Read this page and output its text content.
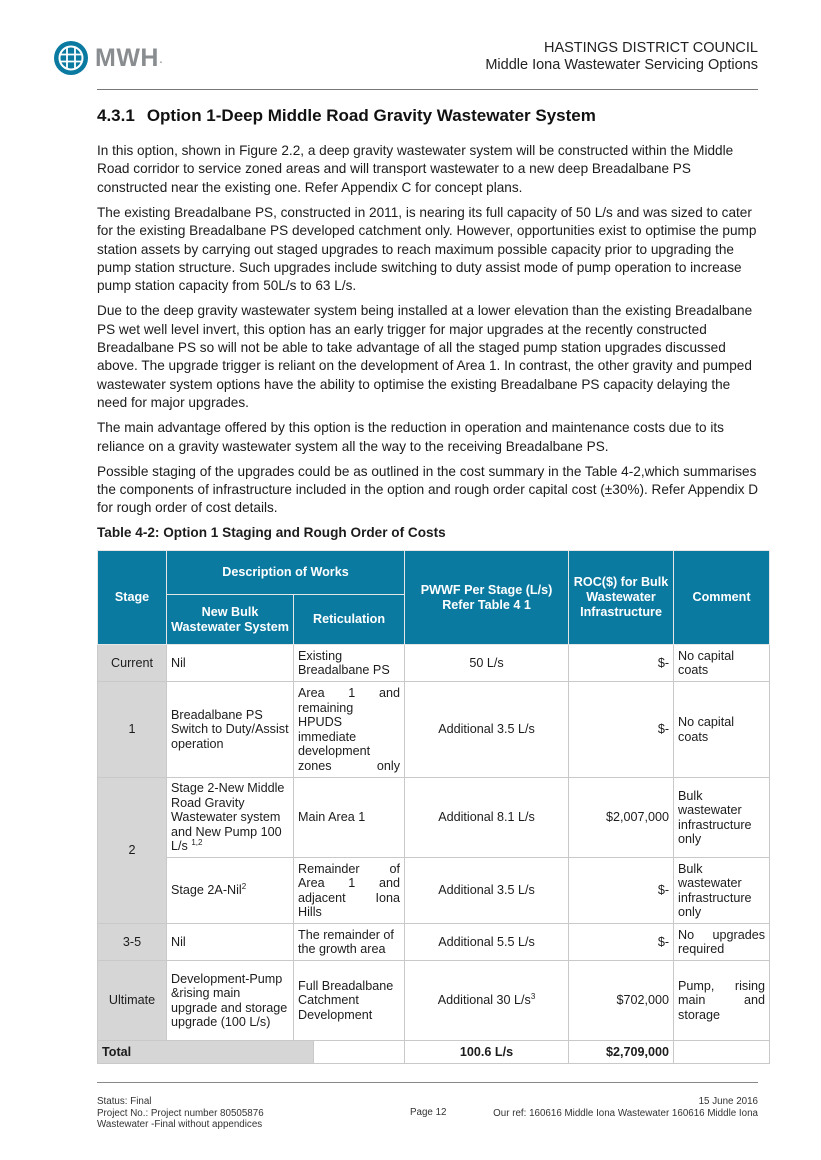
MWH .
HASTINGS DISTRICT COUNCIL
Middle Iona Wastewater Servicing Options
4.3.1 Option 1-Deep Middle Road Gravity Wastewater System

In this option, shown in Figure 2.2, a deep gravity wastewater system will be constructed within the Middle Road corridor to service zoned areas and will transport wastewater to a new deep Breadalbane PS constructed near the existing one. Refer Appendix C for concept plans.

The existing Breadalbane PS, constructed in 2011, is nearing its full capacity of 50 L/s and was sized to cater for the existing Breadalbane PS developed catchment only. However, opportunities exist to optimise the pump station assets by carrying out staged upgrades to reach maximum possible capacity prior to upgrading the pump station structure. Such upgrades include switching to duty assist mode of pump operation to increase pump station capacity from 50L/s to 63 L/s.

Due to the deep gravity wastewater system being installed at a lower elevation than the existing Breadalbane PS wet well level invert, this option has an early trigger for major upgrades at the recently constructed Breadalbane PS so will not be able to take advantage of all the staged pump station upgrades discussed above. The upgrade trigger is reliant on the development of Area 1. In contrast, the other gravity and pumped wastewater system options have the ability to optimise the existing Breadalbane PS capacity delaying the need for major upgrades.

The main advantage offered by this option is the reduction in operation and maintenance costs due to its reliance on a gravity wastewater system all the way to the receiving Breadalbane PS.

Possible staging of the upgrades could be as outlined in the cost summary in the Table 4-2,which summarises the components of infrastructure included in the option and rough order capital cost (±30%). Refer Appendix D for rough order of cost details.

Table 4-2: Option 1 Staging and Rough Order of Costs
Stage	Description of Works			PWWF Per Stage (L/s) Refer Table 4 1	ROC($) for Bulk Wastewater Infrastructure	Comment
	New Bulk Wastewater System	Reticulation				
Current	Nil	Existing Breadalbane PS		50 L/s	$-	No capital coats
1	Breadalbane PS Switch to Duty/Assist operation	Area 1 and remaining HPUDS immediate development zones only		Additional 3.5 L/s	$-	No capital coats
2	Stage 2-New Middle Road Gravity Wastewater system and New Pump 100 L/s $^{1,2}$	Main Area 1		Additional 8.1 L/s	$2,007,000	Bulk wastewater infrastructure only
	Stage 2A-Nil$^2$	Remainder of Area 1 and adjacent Iona Hills		Additional 3.5 L/s	$-	Bulk wastewater infrastructure only
3-5	Nil	The remainder of the growth area		Additional 5.5 L/s	$-	No upgrades required
Ultimate	Development-Pump &rising main upgrade and storage upgrade (100 L/s)	Full Breadalbane Catchment Development		Additional 30 $L/s^3$	$702,000	Pump, rising main and storage
Total				100.6 L/s	$2,709,000	
Status: Final
Project No.: Project number 80505876
Wastewater -Final without appendices
Page 12
15 June 2016
Our ref: 160616 Middle Iona Wastewater 160616 Middle Iona
